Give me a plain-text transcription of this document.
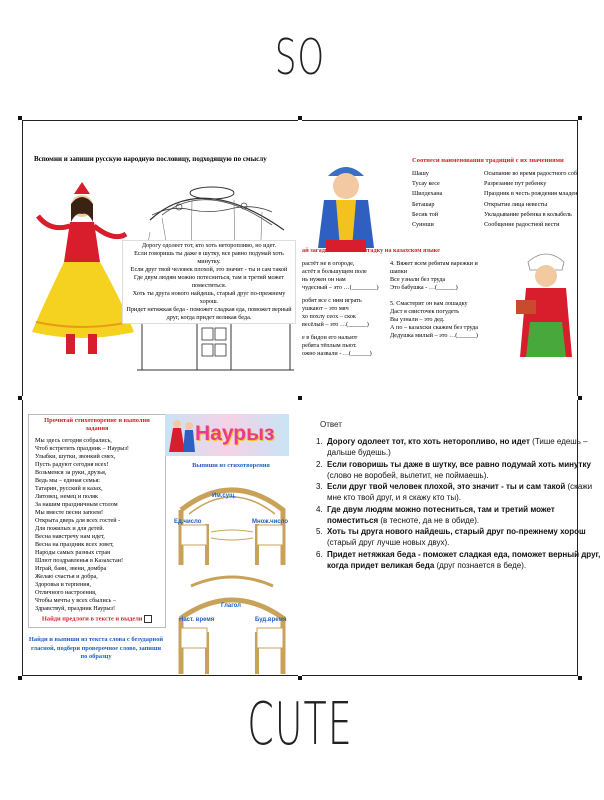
SO
CUTE
Вспомни и запиши русскую народную пословицу, подходящую по смыслу
Дорогу одолеет тот, кто хоть неторопливо, но идет.
Если говоришь ты даже в шутку, все равно подумай хоть минутку.
Если друг твой человек плохой, это значит - ты и сам такой
Где двум людям можно потесниться, там и третий может поместиться.
Хоть ты друга нового найдешь, старый друг по-прежнему хорош.
Придет нетяжкая беда - поможет сладкая еда, поможет верный друг, когда придет великая беда.
Соотнеси наименования традиций с их значениями
Шашу	Осыпание во время радостного соб
Тусау кесе	Разрезание пут ребенку
Шилдехана	Праздник в честь рождения младен
Беташар	Открытие лица невесты
Бесик той	Укладывание ребенка в колыбель
Суинши	Сообщение радостной вести
ай загадки и запиши отгадку на казахском языке
растёт не в огороде,
астёт в большущем поле
нь нужен он нам
чудесный – это …(________)
робят все с ним играть
ушкают – это мяч
хо похлу сеох – скок
весёлый – это …(______)
е в бидон его нальют
ребята тёплым пьют.
ожно назвали - …(______)
4. Вяжет всем ребятам варежки и
шапки
Все узнали без труда
Это бабушка - …(______)
5. Смастерит он вам лошадку
Даст я свисточек погудеть
Вы узнали – это дед.
А по – казахски скажем без труда
Дедушка милый – это …(______)
Прочитай стихотворение и выполни задания
Мы здесь сегодня собрались,
Чтоб встретить праздник – Наурыз!
Улыбки, шутки, звонкий смех,
Пусть радуют сегодня всех!
Возьмемся за руки, друзья,
Ведь мы – единая семья:
Татарин, русский и казах,
Литовец, немец и поляк
За нашим праздничным столом
Мы вместе песни запоем!
Открыта дверь для всех гостей -
Для пожилых и для детей.
Весна навстречу нам идет,
Весна на праздник всех зовет,
Народы самых разных стран
Шлют поздравленья в Казахстан!
Играй, баян, звени, домбра
Желаю счастья и добра,
Здоровья и терпения,
Отличного настроения,
Чтобы мечты у всех сбылись –
Здравствуй, праздник Наурыз!
Найди предлоги в тексте и выдели
Найди и выпиши из текста слова с безударной гласной, подбери проверочное слово, запиши по образцу
Наурыз
Выпиши из стихотворения
Им.сущ.
Ед.число	Множ.число
Глагол
Наст. время	Буд.время
Ответ
1. Дорогу одолеет тот, кто хоть неторопливо, но идет (Тише едешь – дальше будешь.)
2. Если говоришь ты даже в шутку, все равно подумай хоть минутку (слово не воробей, вылетит, не поймаешь).
3. Если друг твой человек плохой, это значит - ты и сам такой (скажи мне кто твой друг, и я скажу кто ты).
4. Где двум людям можно потесниться, там и третий может поместиться (в тесноте, да не в обиде).
5. Хоть ты друга нового найдешь, старый друг по-прежнему хорош (старый друг лучше новых двух).
6. Придет нетяжкая беда - поможет сладкая еда, поможет верный друг, когда придет великая беда (друг познается в беде).
